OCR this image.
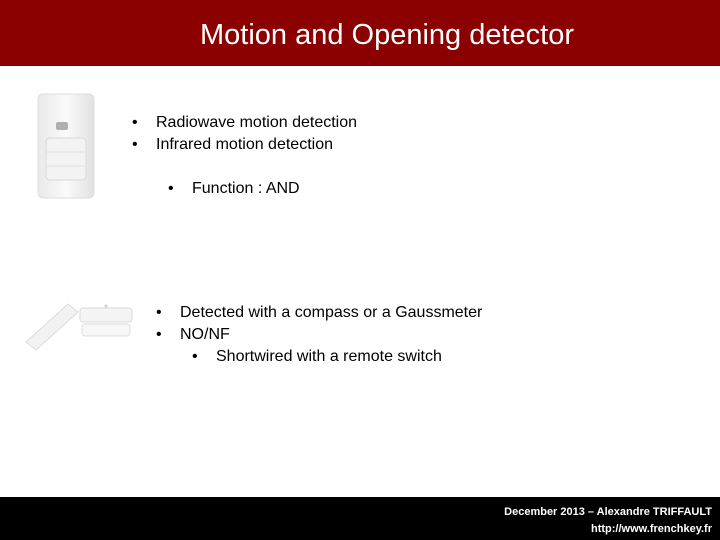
Motion and Opening detector
• Radiowave motion detection
• Infrared motion detection
• Function : AND
• Detected with a compass or a Gaussmeter
• NO/NF
• Shortwired with a remote switch
December 2013 – Alexandre TRIFFAULT
http://www.frenchkey.fr
